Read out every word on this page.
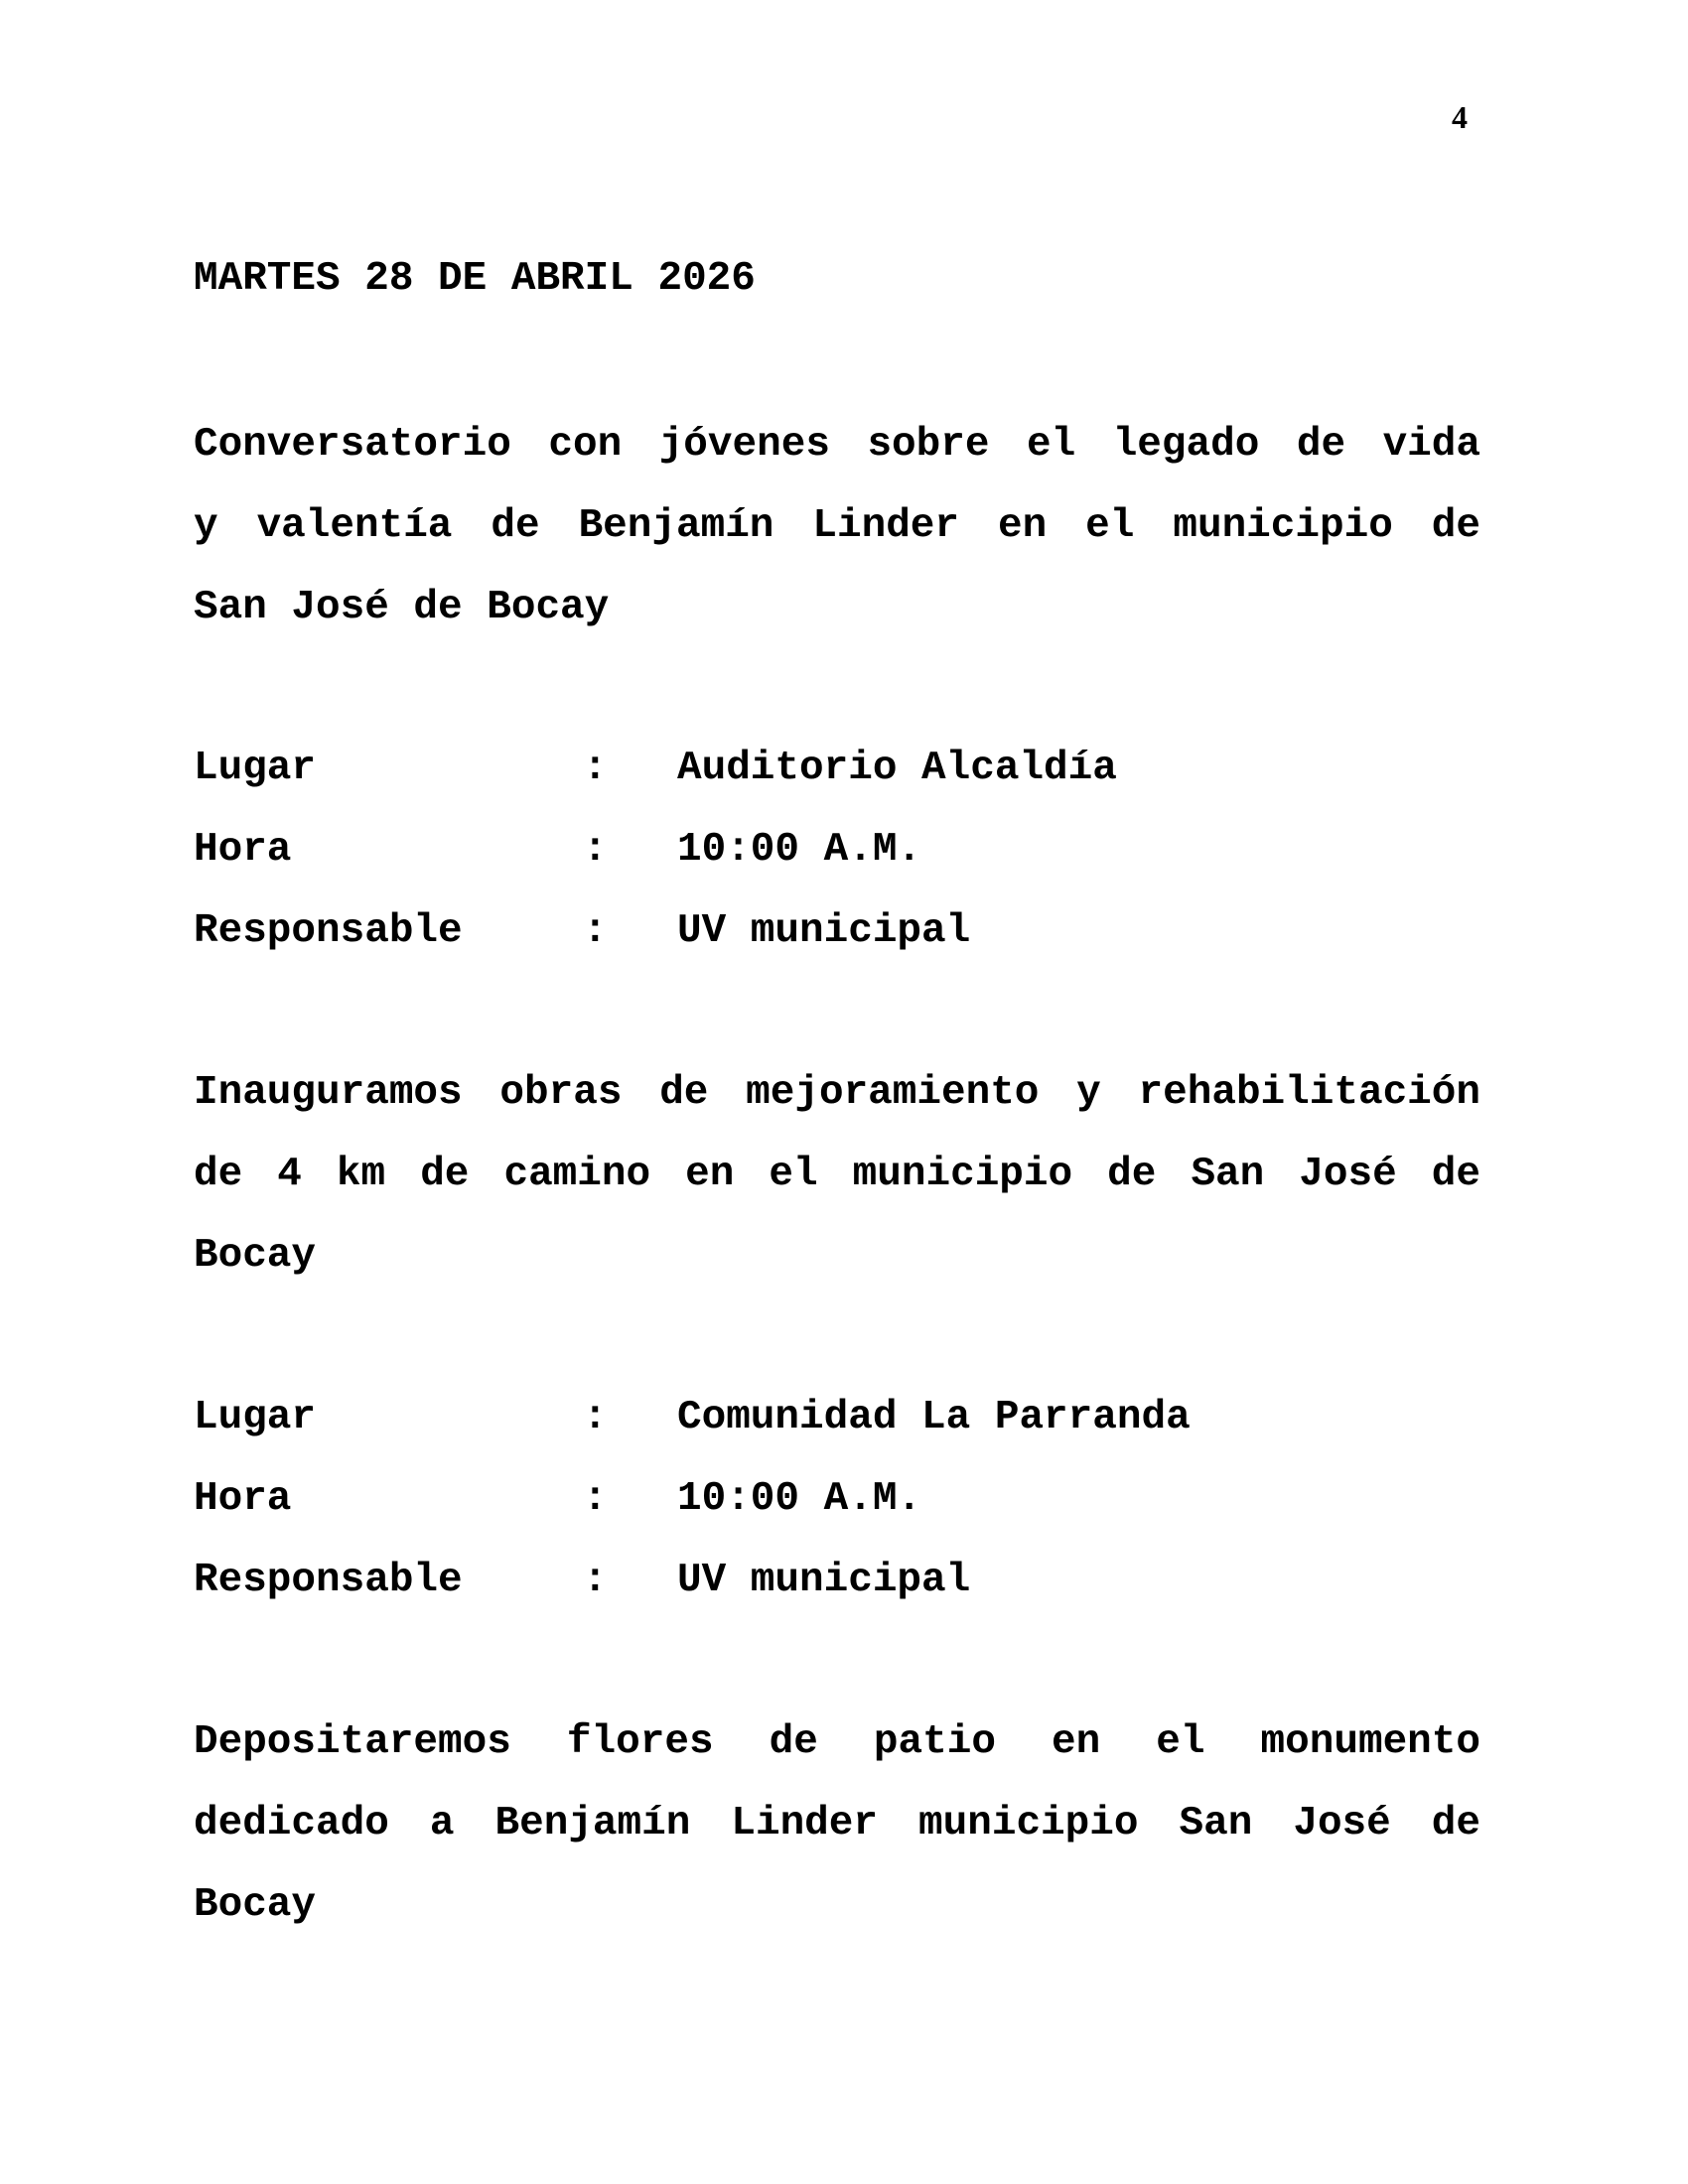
4
MARTES 28 DE ABRIL 2026
Conversatorio con jóvenes sobre el legado de vida
y valentía de Benjamín Linder en el municipio de
San José de Bocay
Lugar	: Auditorio Alcaldía
Hora	: 10:00 A.M.
Responsable	: UV municipal
Inauguramos obras de mejoramiento y rehabilitación
de 4 km de camino en el municipio de San José de
Bocay
Lugar	: Comunidad La Parranda
Hora	: 10:00 A.M.
Responsable	: UV municipal
Depositaremos flores de patio en el monumento
dedicado a Benjamín Linder municipio San José de
Bocay
